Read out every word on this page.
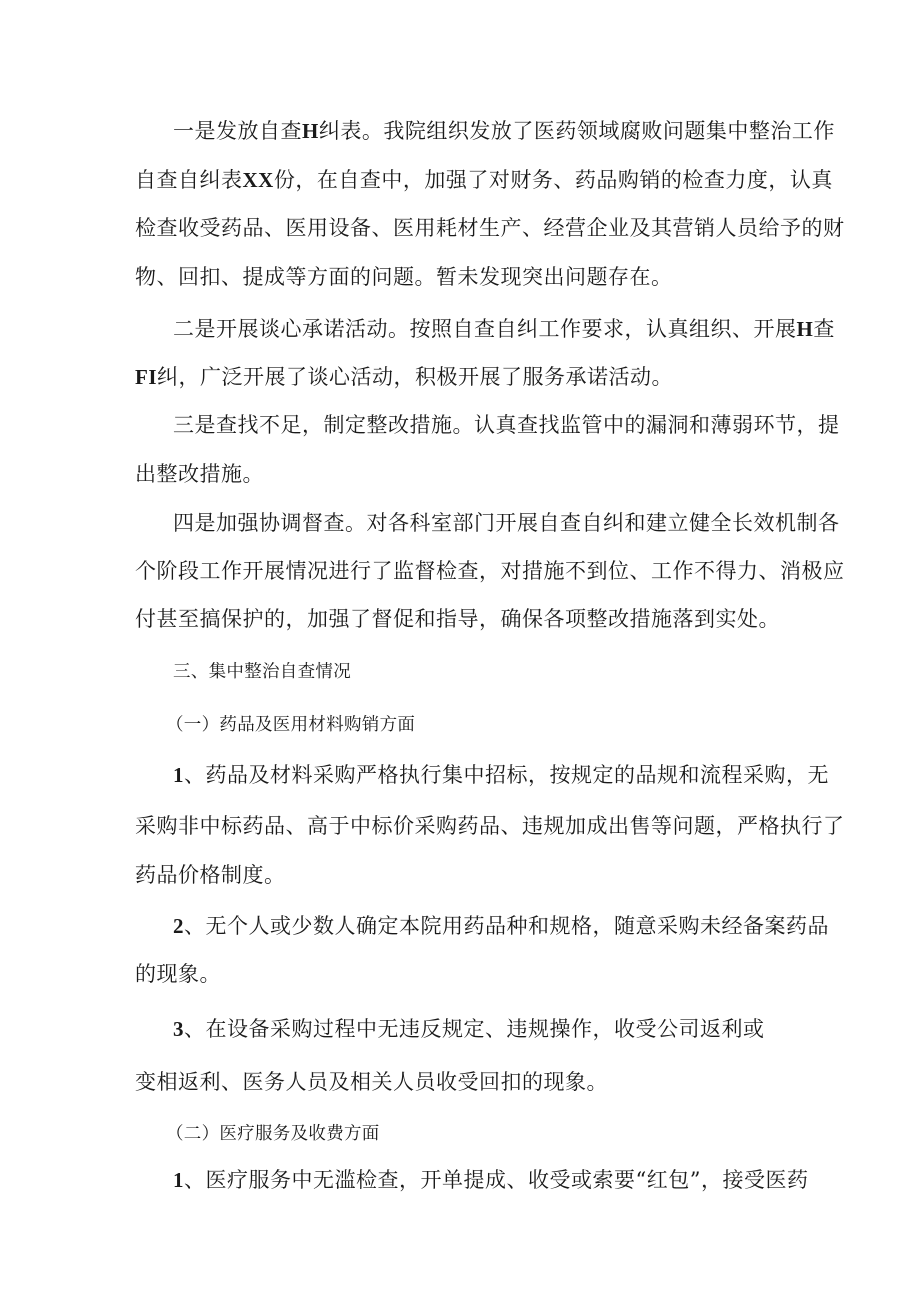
一是发放自查H纠表。我院组织发放了医药领域腐败问题集中整治工作
自查自纠表XX份，在自查中，加强了对财务、药品购销的检查力度，认真
检查收受药品、医用设备、医用耗材生产、经营企业及其营销人员给予的财
物、回扣、提成等方面的问题。暂未发现突出问题存在。
二是开展谈心承诺活动。按照自查自纠工作要求，认真组织、开展H查
FI纠，广泛开展了谈心活动，积极开展了服务承诺活动。
三是查找不足，制定整改措施。认真查找监管中的漏洞和薄弱环节，提
出整改措施。
四是加强协调督查。对各科室部门开展自查自纠和建立健全长效机制各
个阶段工作开展情况进行了监督检查，对措施不到位、工作不得力、消极应
付甚至搞保护的，加强了督促和指导，确保各项整改措施落到实处。
三、集中整治自查情况
（一）药品及医用材料购销方面
1、药品及材料采购严格执行集中招标，按规定的品规和流程采购，无
采购非中标药品、高于中标价采购药品、违规加成出售等问题，严格执行了
药品价格制度。
2、无个人或少数人确定本院用药品种和规格，随意采购未经备案药品
的现象。
3、在设备采购过程中无违反规定、违规操作，收受公司返利或
变相返利、医务人员及相关人员收受回扣的现象。
（二）医疗服务及收费方面
1、医疗服务中无滥检查，开单提成、收受或索要“红包”，接受医药
